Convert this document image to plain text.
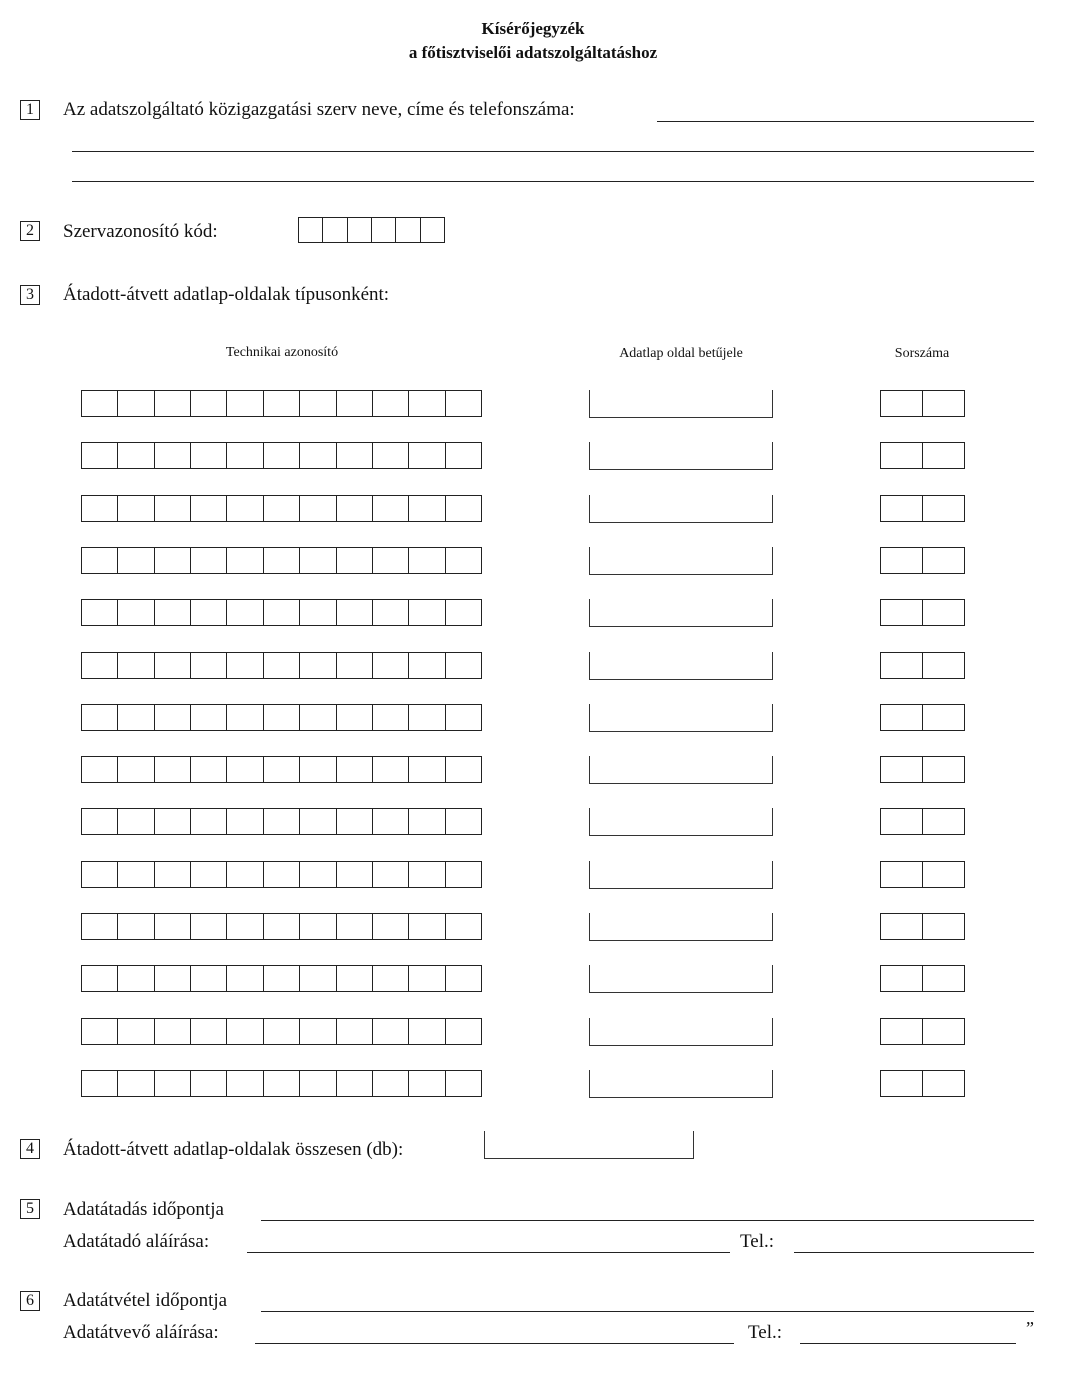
Kísérőjegyzék
a főtisztviselői adatszolgáltatáshoz
1	Az adatszolgáltató közigazgatási szerv neve, címe és telefonszáma:
2	Szervazonosító kód:
3	Átadott-átvett adatlap-oldalak típusonként:
Technikai azonosító	Adatlap oldal betűjele	Sorszáma
4	Átadott-átvett adatlap-oldalak összesen (db):
5	Adatátadás időpontja
Adatátadó aláírása:	Tel.:
6	Adatátvétel időpontja
Adatátvevő aláírása:	Tel.:	”
